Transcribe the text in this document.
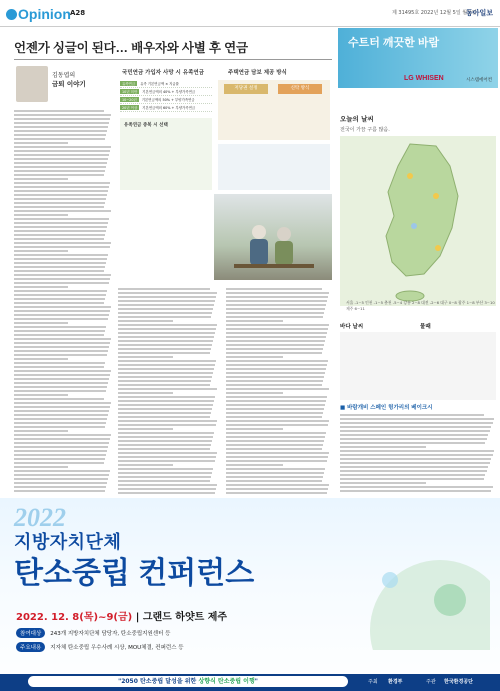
Opinion A28	제 31495호 2022년 12월 5일 월요일
동아일보
언젠가 싱글이 된다… 배우자와 사별 후 연금
김동엽의
금퇴 이야기
국민연금 가입자 사망 시 유족연금	주택연금 담보 제공 방식
유족연금	유족 기본연금액 × 지급률
10년 미만	기본연금액의 40% + 부양가족연금
10~20년	기본연금액의 50% + 부양가족연금
20년 이상	기본연금액의 60% + 부양가족연금
유족연금 중복 시 선택
저당권 설정	신탁 방식
수트터 깨끗한 바람
LG WHISEN	시스템에어컨
오늘의 날씨
전국이 가끔 구름 많음.
서울 -1~5 인천 -1~5 춘천 -5~4 강릉 2~8 대전 -2~6 대구 0~8 광주 1~8 부산 3~10 제주 6~11
바다 날씨	물때
■ 바람개비 스페인 헝가리의 베이크시
2022
지방자치단체
탄소중립 컨퍼런스
2022. 12. 8(목)~9(금) | 그랜드 하얏트 제주
참여대상 243개 지방자치단체 담당자, 탄소중립지원센터 등
주요내용 지자체 탄소중립 우수사례 시상, MOU체결, 컨퍼런스 등
"2050 탄소중립 달성을 위한 상향식 탄소중립 이행"	주최 환경부	주관 한국환경공단
